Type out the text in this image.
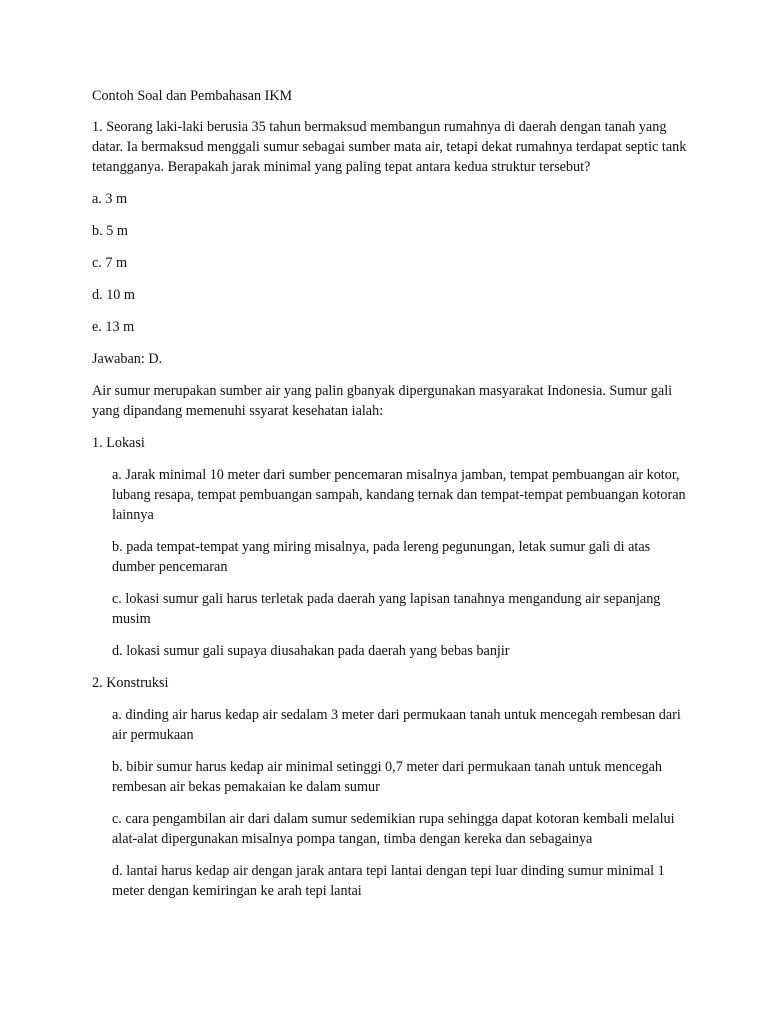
Contoh Soal dan Pembahasan IKM

1. Seorang laki-laki berusia 35 tahun bermaksud membangun rumahnya di daerah dengan tanah yang datar. Ia bermaksud menggali sumur sebagai sumber mata air, tetapi dekat rumahnya terdapat septic tank tetangganya. Berapakah jarak minimal yang paling tepat antara kedua struktur tersebut?

a. 3 m

b. 5 m

c. 7 m

d. 10 m

e. 13 m

Jawaban: D.

Air sumur merupakan sumber air yang palin gbanyak dipergunakan masyarakat Indonesia. Sumur gali yang dipandang memenuhi ssyarat kesehatan ialah:

1. Lokasi

a. Jarak minimal 10 meter dari sumber pencemaran misalnya jamban, tempat pembuangan air kotor, lubang resapa, tempat pembuangan sampah, kandang ternak dan tempat-tempat pembuangan kotoran lainnya

b. pada tempat-tempat yang miring misalnya, pada lereng pegunungan, letak sumur gali di atas dumber pencemaran

c. lokasi sumur gali harus terletak pada daerah yang lapisan tanahnya mengandung air sepanjang musim

d. lokasi sumur gali supaya diusahakan pada daerah yang bebas banjir

2. Konstruksi

a. dinding air harus kedap air sedalam 3 meter dari permukaan tanah untuk mencegah rembesan dari air permukaan

b. bibir sumur harus kedap air minimal setinggi 0,7 meter dari permukaan tanah untuk mencegah rembesan air bekas pemakaian ke dalam sumur

c. cara pengambilan air dari dalam sumur sedemikian rupa sehingga dapat kotoran kembali melalui alat-alat dipergunakan misalnya pompa tangan, timba dengan kereka dan sebagainya

d. lantai harus kedap air dengan jarak antara tepi lantai dengan tepi luar dinding sumur minimal 1 meter dengan kemiringan ke arah tepi lantai
